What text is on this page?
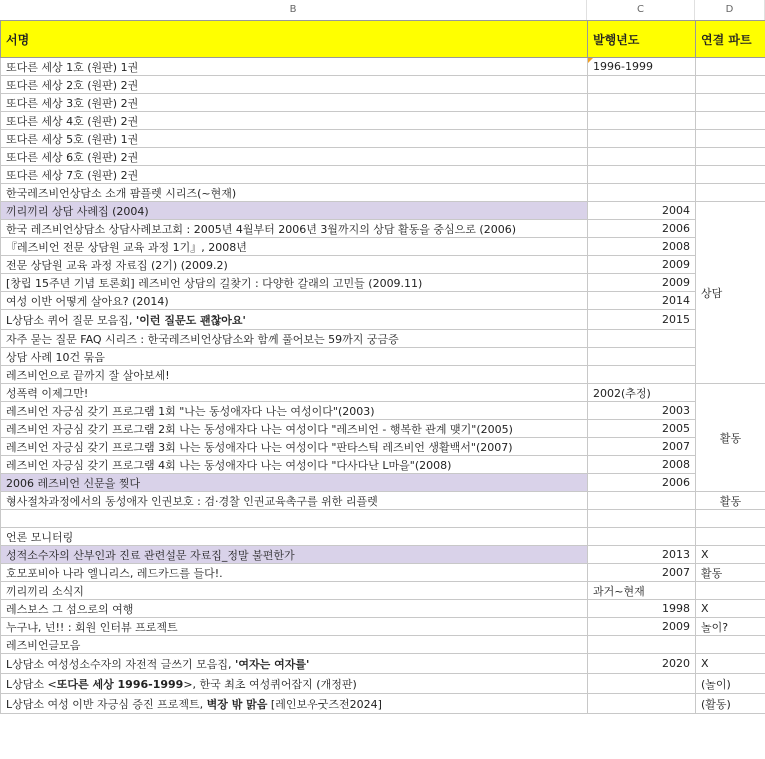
B	C	D
서명	발행년도	연결 파트
또다른 세상 1호 (원판) 1권	1996-1999	
또다른 세상 2호 (원판) 2권		
또다른 세상 3호 (원판) 2권		
또다른 세상 4호 (원판) 2권		
또다른 세상 5호 (원판) 1권		
또다른 세상 6호 (원판) 2권		
또다른 세상 7호 (원판) 2권		
한국레즈비언상담소 소개 팜플렛 시리즈(~현재)		
끼리끼리 상담 사례집 (2004)	2004	상담
한국 레즈비언상담소 상담사례보고회 : 2005년 4월부터 2006년 3월까지의 상담 활동을 중심으로 (2006)	2006	
『레즈비언 전문 상담원 교육 과정 1기』, 2008년	2008	
전문 상담원 교육 과정 자료집 (2기) (2009.2)	2009	
[창립 15주년 기념 토론회] 레즈비언 상담의 길찾기 : 다양한 갈래의 고민들 (2009.11)	2009	
여성 이반 어떻게 살아요? (2014)	2014	
L상담소 퀴어 질문 모음집, '이런 질문도 괜찮아요'	2015	
자주 묻는 질문 FAQ 시리즈 : 한국레즈비언상담소와 함께 풀어보는 59까지 궁금증		
상담 사례 10건 묶음		
레즈비언으로 끝까지 잘 살아보세!		
성폭력 이제그만!	2002(추정)	활동
레즈비언 자긍심 갖기 프로그램 1회 "나는 동성애자다 나는 여성이다"(2003)	2003	
레즈비언 자긍심 갖기 프로그램 2회 나는 동성애자다 나는 여성이다 "레즈비언 - 행복한 관계 맺기"(2005)	2005	
레즈비언 자긍심 갖기 프로그램 3회 나는 동성애자다 나는 여성이다 "판타스틱 레즈비언 생활백서"(2007)	2007	
레즈비언 자긍심 갖기 프로그램 4회 나는 동성애자다 나는 여성이다 "다사다난 L마을"(2008)	2008	
2006 레즈비언 신문을 찢다	2006	
형사절차과정에서의 동성애자 인권보호 : 검·경찰 인권교육촉구를 위한 리플렛		활동

언론 모니터링		
성적소수자의 산부인과 진료 관련설문 자료집_정말 불편한가	2013	X
호모포비아 나라 엘니리스, 레드카드를 들다!.	2007	활동
끼리끼리 소식지	과거~현재	
레스보스 그 섬으로의 여행	1998	X
누구냐, 넌!! : 회원 인터뷰 프로젝트	2009	놀이?
레즈비언글모음		
L상담소 여성성소수자의 자전적 글쓰기 모음집, '여자는 여자를'	2020	X
L상담소 <또다른 세상 1996-1999>, 한국 최초 여성퀴어잡지 (개정판)		(놀이)
L상담소 여성 이반 자긍심 증진 프로젝트, 벽장 밖 맑음 [레인보우굿즈전2024]		(활동)
